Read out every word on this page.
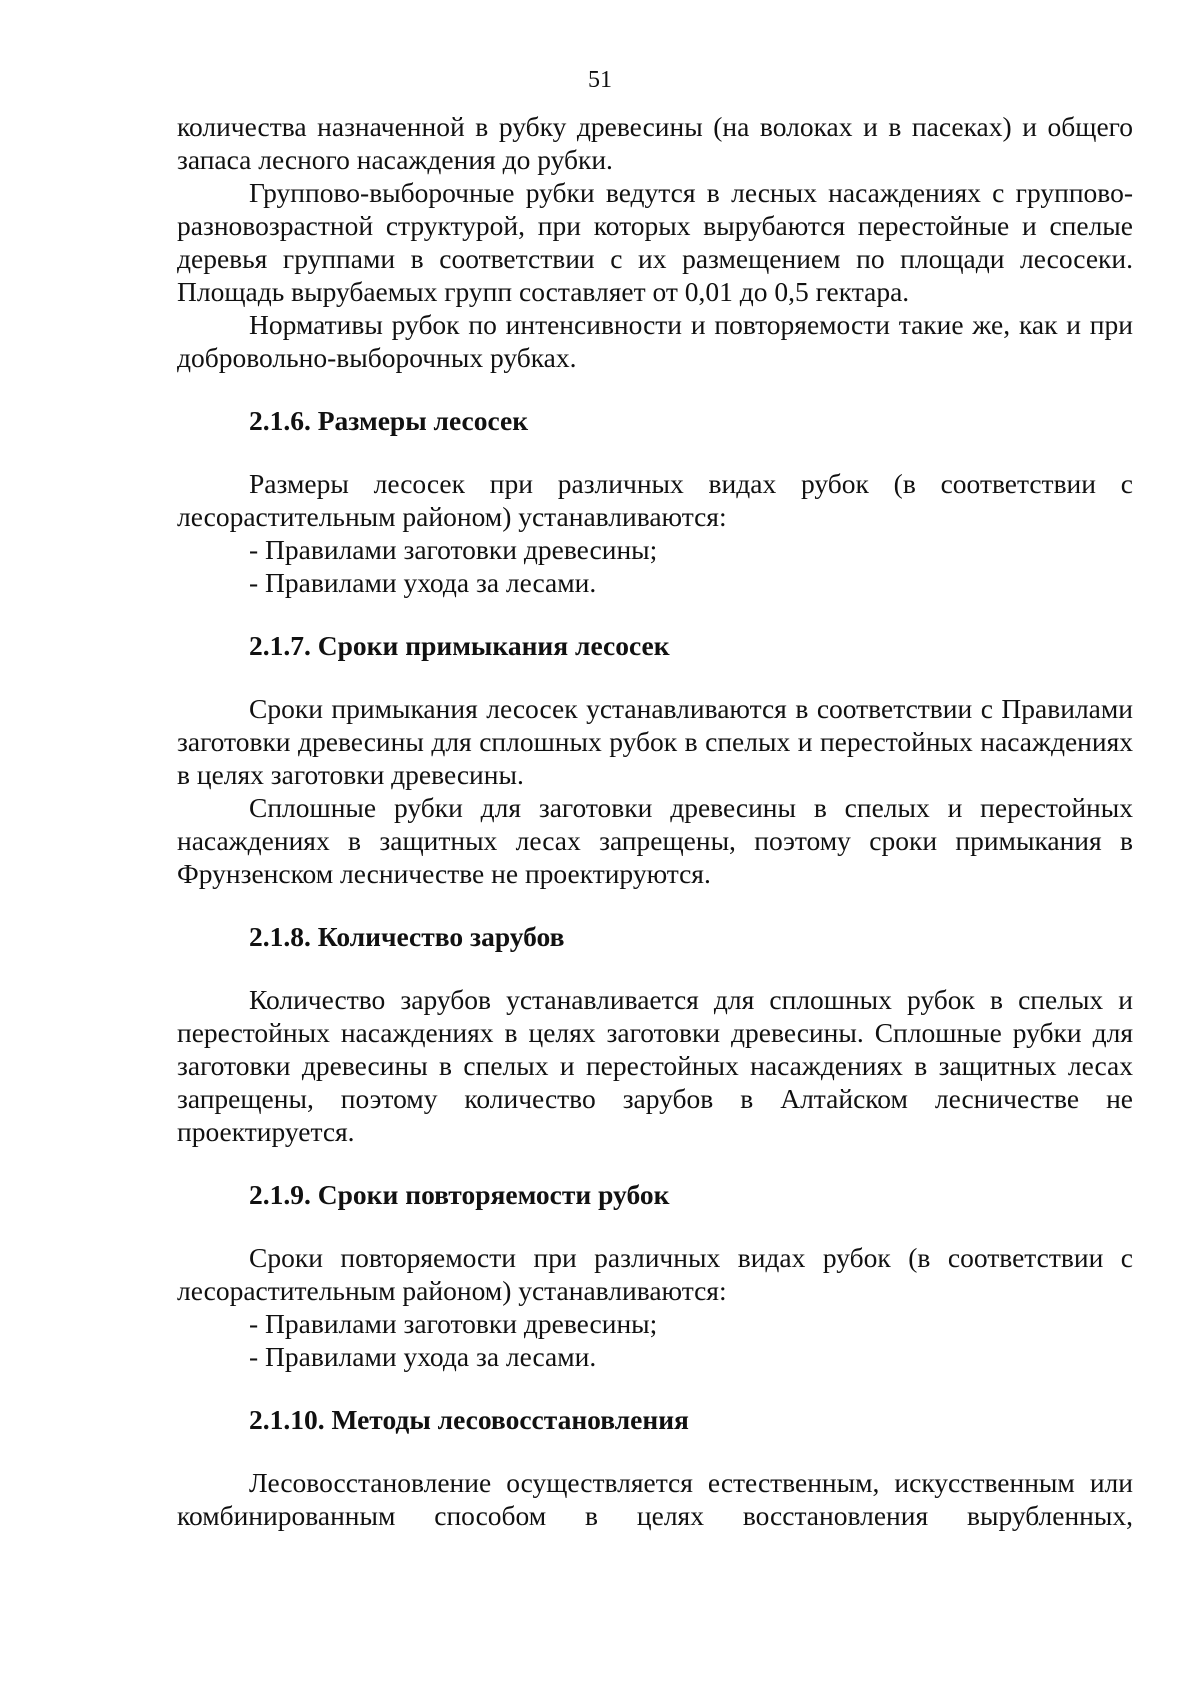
51

количества назначенной в рубку древесины (на волоках и в пасеках) и общего запаса лесного насаждения до рубки.

Группово-выборочные рубки ведутся в лесных насаждениях с группово-разновозрастной структурой, при которых вырубаются перестойные и спелые деревья группами в соответствии с их размещением по площади лесосеки. Площадь вырубаемых групп составляет от 0,01 до 0,5 гектара.

Нормативы рубок по интенсивности и повторяемости такие же, как и при добровольно-выборочных рубках.

2.1.6. Размеры лесосек

Размеры лесосек при различных видах рубок (в соответствии с лесорастительным районом) устанавливаются:

- Правилами заготовки древесины;

- Правилами ухода за лесами.

2.1.7. Сроки примыкания лесосек

Сроки примыкания лесосек устанавливаются в соответствии с Правилами заготовки древесины для сплошных рубок в спелых и перестойных насаждениях в целях заготовки древесины.

Сплошные рубки для заготовки древесины в спелых и перестойных насаждениях в защитных лесах запрещены, поэтому сроки примыкания в Фрунзенском лесничестве не проектируются.

2.1.8. Количество зарубов

Количество зарубов устанавливается для сплошных рубок в спелых и перестойных насаждениях в целях заготовки древесины. Сплошные рубки для заготовки древесины в спелых и перестойных насаждениях в защитных лесах запрещены, поэтому количество зарубов в Алтайском лесничестве не проектируется.

2.1.9. Сроки повторяемости рубок

Сроки повторяемости при различных видах рубок (в соответствии с лесорастительным районом) устанавливаются:

- Правилами заготовки древесины;

- Правилами ухода за лесами.

2.1.10. Методы лесовосстановления

Лесовосстановление осуществляется естественным, искусственным или комбинированным способом в целях восстановления вырубленных,
